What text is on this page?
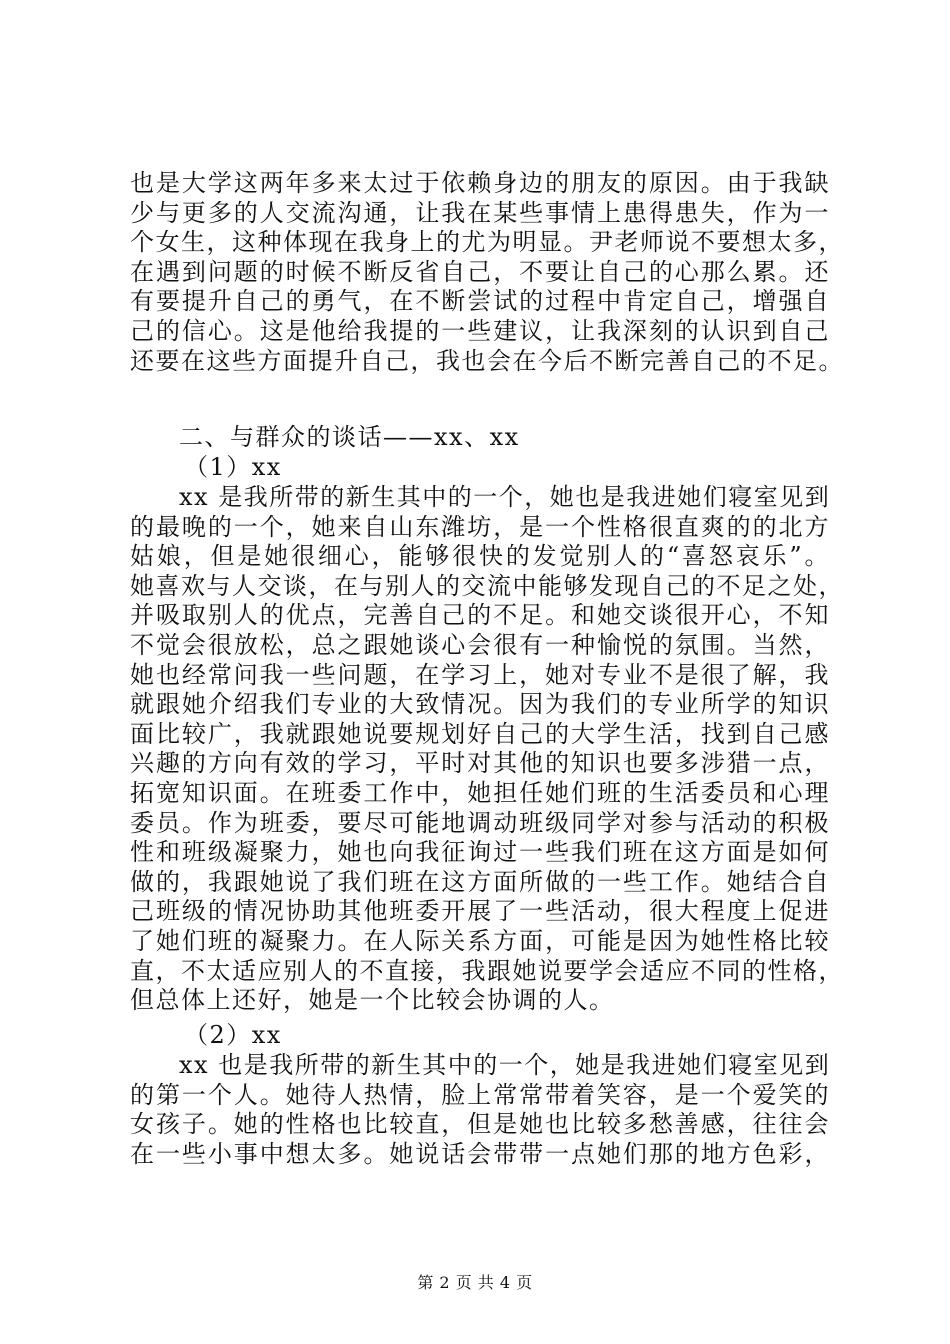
也是大学这两年多来太过于依赖身边的朋友的原因。由于我缺
少与更多的人交流沟通，让我在某些事情上患得患失，作为一
个女生，这种体现在我身上的尤为明显。尹老师说不要想太多，
在遇到问题的时候不断反省自己，不要让自己的心那么累。还
有要提升自己的勇气，在不断尝试的过程中肯定自己，增强自
己的信心。这是他给我提的一些建议，让我深刻的认识到自己
还要在这些方面提升自己，我也会在今后不断完善自己的不足。
二、与群众的谈话——xx、xx
（1）xx
xx 是我所带的新生其中的一个，她也是我进她们寝室见到
的最晚的一个，她来自山东潍坊，是一个性格很直爽的的北方
姑娘，但是她很细心，能够很快的发觉别人的“喜怒哀乐”。
她喜欢与人交谈，在与别人的交流中能够发现自己的不足之处，
并吸取别人的优点，完善自己的不足。和她交谈很开心，不知
不觉会很放松，总之跟她谈心会很有一种愉悦的氛围。当然，
她也经常问我一些问题，在学习上，她对专业不是很了解，我
就跟她介绍我们专业的大致情况。因为我们的专业所学的知识
面比较广，我就跟她说要规划好自己的大学生活，找到自己感
兴趣的方向有效的学习，平时对其他的知识也要多涉猎一点，
拓宽知识面。在班委工作中，她担任她们班的生活委员和心理
委员。作为班委，要尽可能地调动班级同学对参与活动的积极
性和班级凝聚力，她也向我征询过一些我们班在这方面是如何
做的，我跟她说了我们班在这方面所做的一些工作。她结合自
己班级的情况协助其他班委开展了一些活动，很大程度上促进
了她们班的凝聚力。在人际关系方面，可能是因为她性格比较
直，不太适应别人的不直接，我跟她说要学会适应不同的性格，
但总体上还好，她是一个比较会协调的人。
（2）xx
xx 也是我所带的新生其中的一个，她是我进她们寝室见到
的第一个人。她待人热情，脸上常常带着笑容，是一个爱笑的
女孩子。她的性格也比较直，但是她也比较多愁善感，往往会
在一些小事中想太多。她说话会带带一点她们那的地方色彩，
第 2 页 共 4 页
